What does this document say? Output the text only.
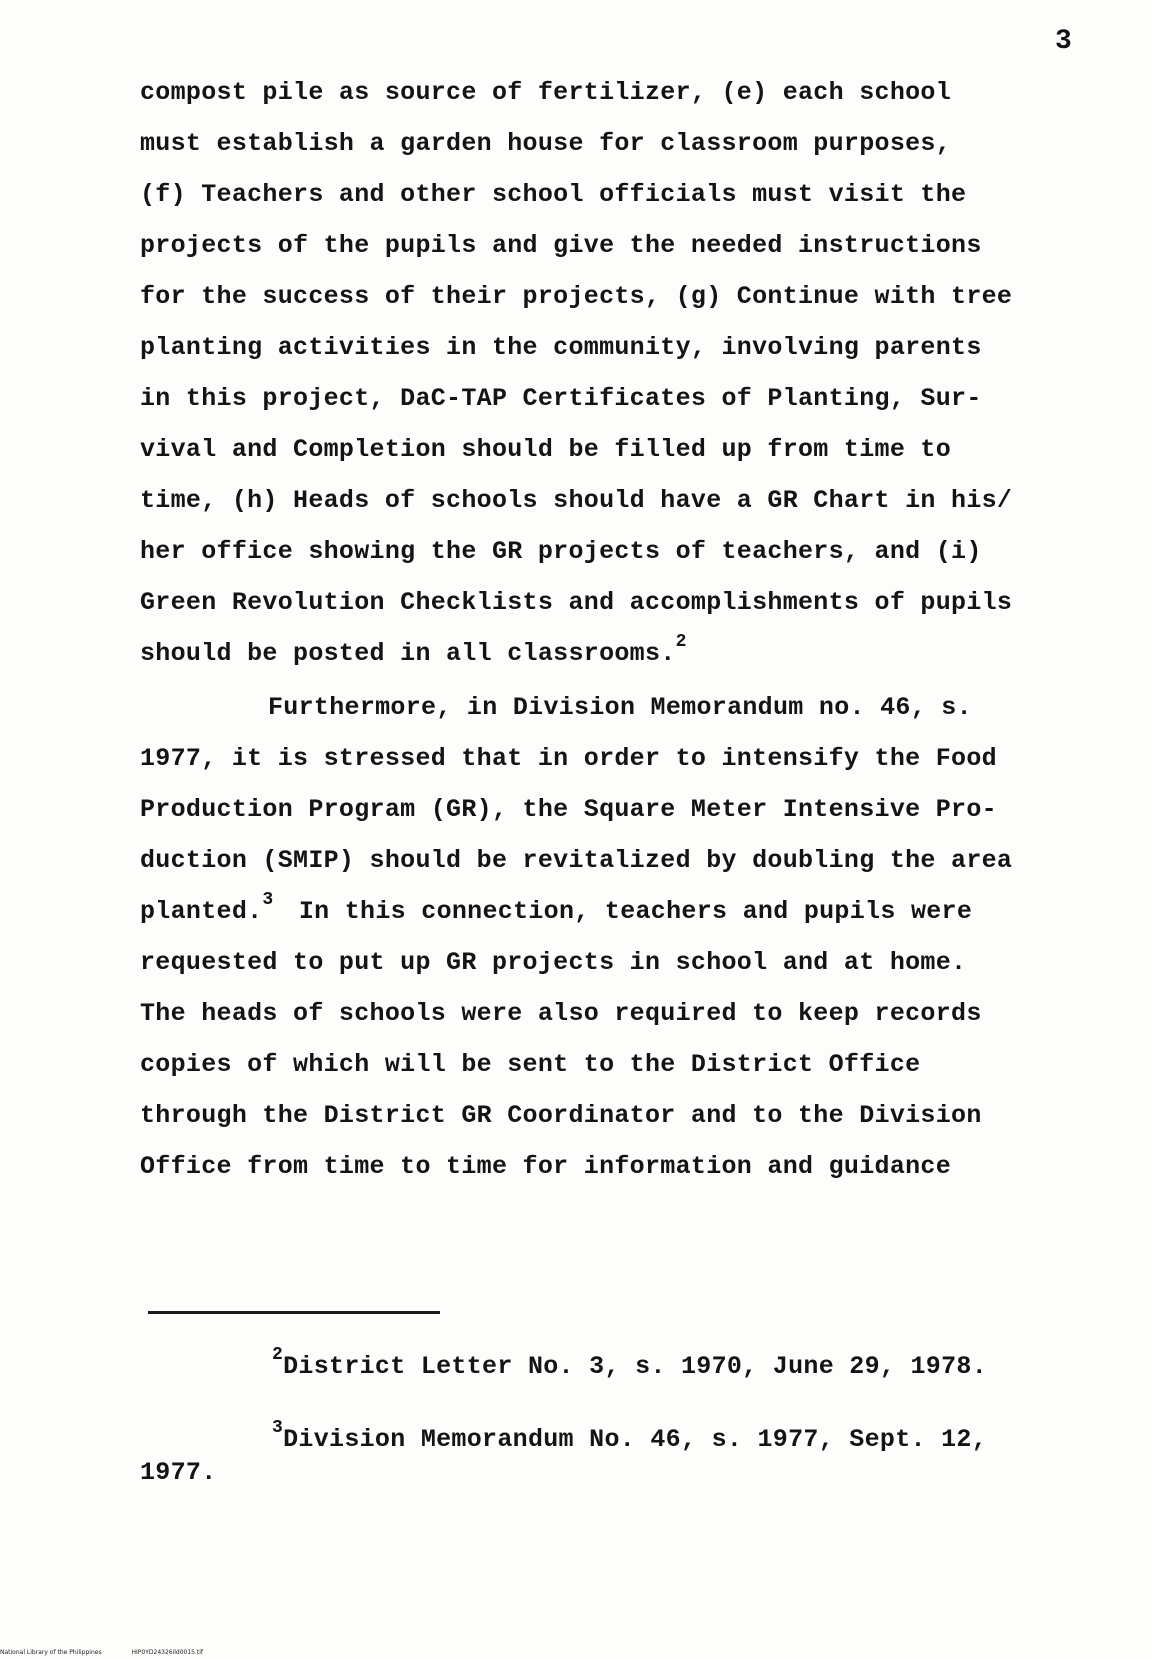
3
compost pile as source of fertilizer, (e) each school
must establish a garden house for classroom purposes,
(f) Teachers and other school officials must visit the
projects of the pupils and give the needed instructions
for the success of their projects, (g) Continue with tree
planting activities in the community, involving parents
in this project, DaC-TAP Certificates of Planting, Sur-
vival and Completion should be filled up from time to
time, (h) Heads of schools should have a GR Chart in his/
her office showing the GR projects of teachers, and (i)
Green Revolution Checklists and accomplishments of pupils
should be posted in all classrooms.$^2$
Furthermore, in Division Memorandum no. 46, s.
1977, it is stressed that in order to intensify the Food
Production Program (GR), the Square Meter Intensive Pro-
duction (SMIP) should be revitalized by doubling the area
planted.$^3$ In this connection, teachers and pupils were
requested to put up GR projects in school and at home.
The heads of schools were also required to keep records
copies of which will be sent to the District Office
through the District GR Coordinator and to the Division
Office from time to time for information and guidance
$^2$District Letter No. 3, s. 1970, June 29, 1978.
$^3$Division Memorandum No. 46, s. 1977, Sept. 12,
1977.
National Library of the Philippines	HIP0YD24326ild0015.tif
